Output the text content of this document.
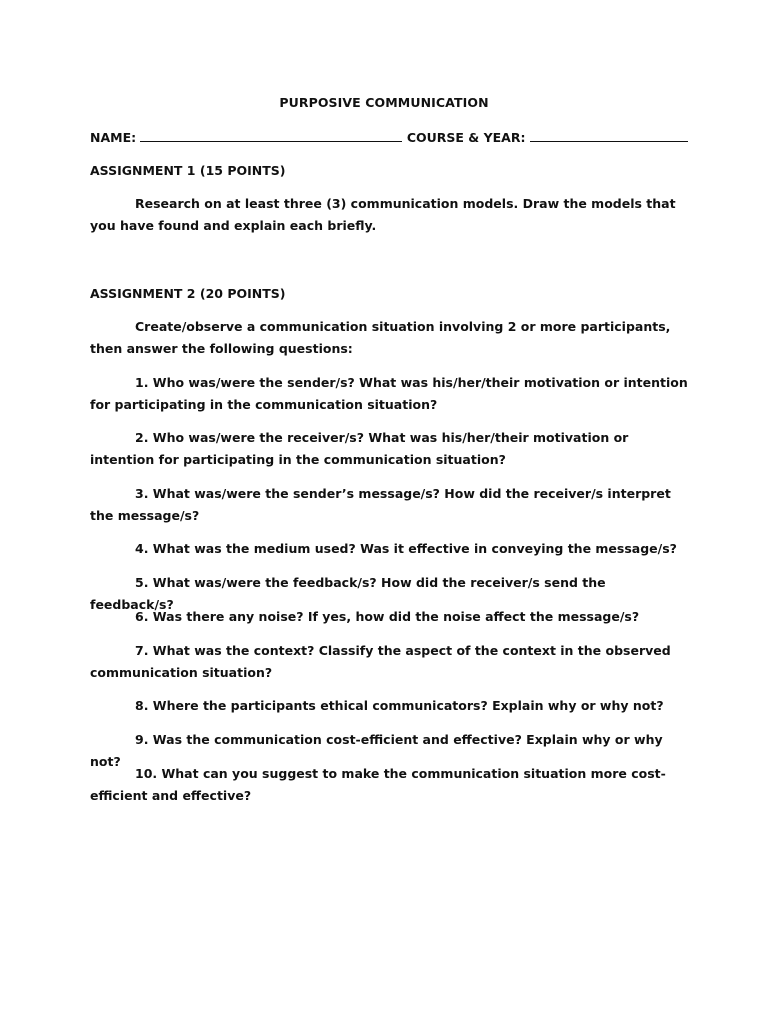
PURPOSIVE COMMUNICATION
NAME:	COURSE & YEAR:
ASSIGNMENT 1 (15 POINTS)
Research on at least three (3) communication models. Draw the models that you have found and explain each briefly.
ASSIGNMENT 2 (20 POINTS)
Create/observe a communication situation involving 2 or more participants, then answer the following questions:
1. Who was/were the sender/s? What was his/her/their motivation or intention for participating in the communication situation?
2. Who was/were the receiver/s? What was his/her/their motivation or intention for participating in the communication situation?
3. What was/were the sender’s message/s? How did the receiver/s interpret the message/s?
4. What was the medium used? Was it effective in conveying the message/s?
5. What was/were the feedback/s? How did the receiver/s send the feedback/s?
6. Was there any noise? If yes, how did the noise affect the message/s?
7. What was the context? Classify the aspect of the context in the observed communication situation?
8. Where the participants ethical communicators? Explain why or why not?
9. Was the communication cost-efficient and effective? Explain why or why not?
10. What can you suggest to make the communication situation more cost-efficient and effective?
